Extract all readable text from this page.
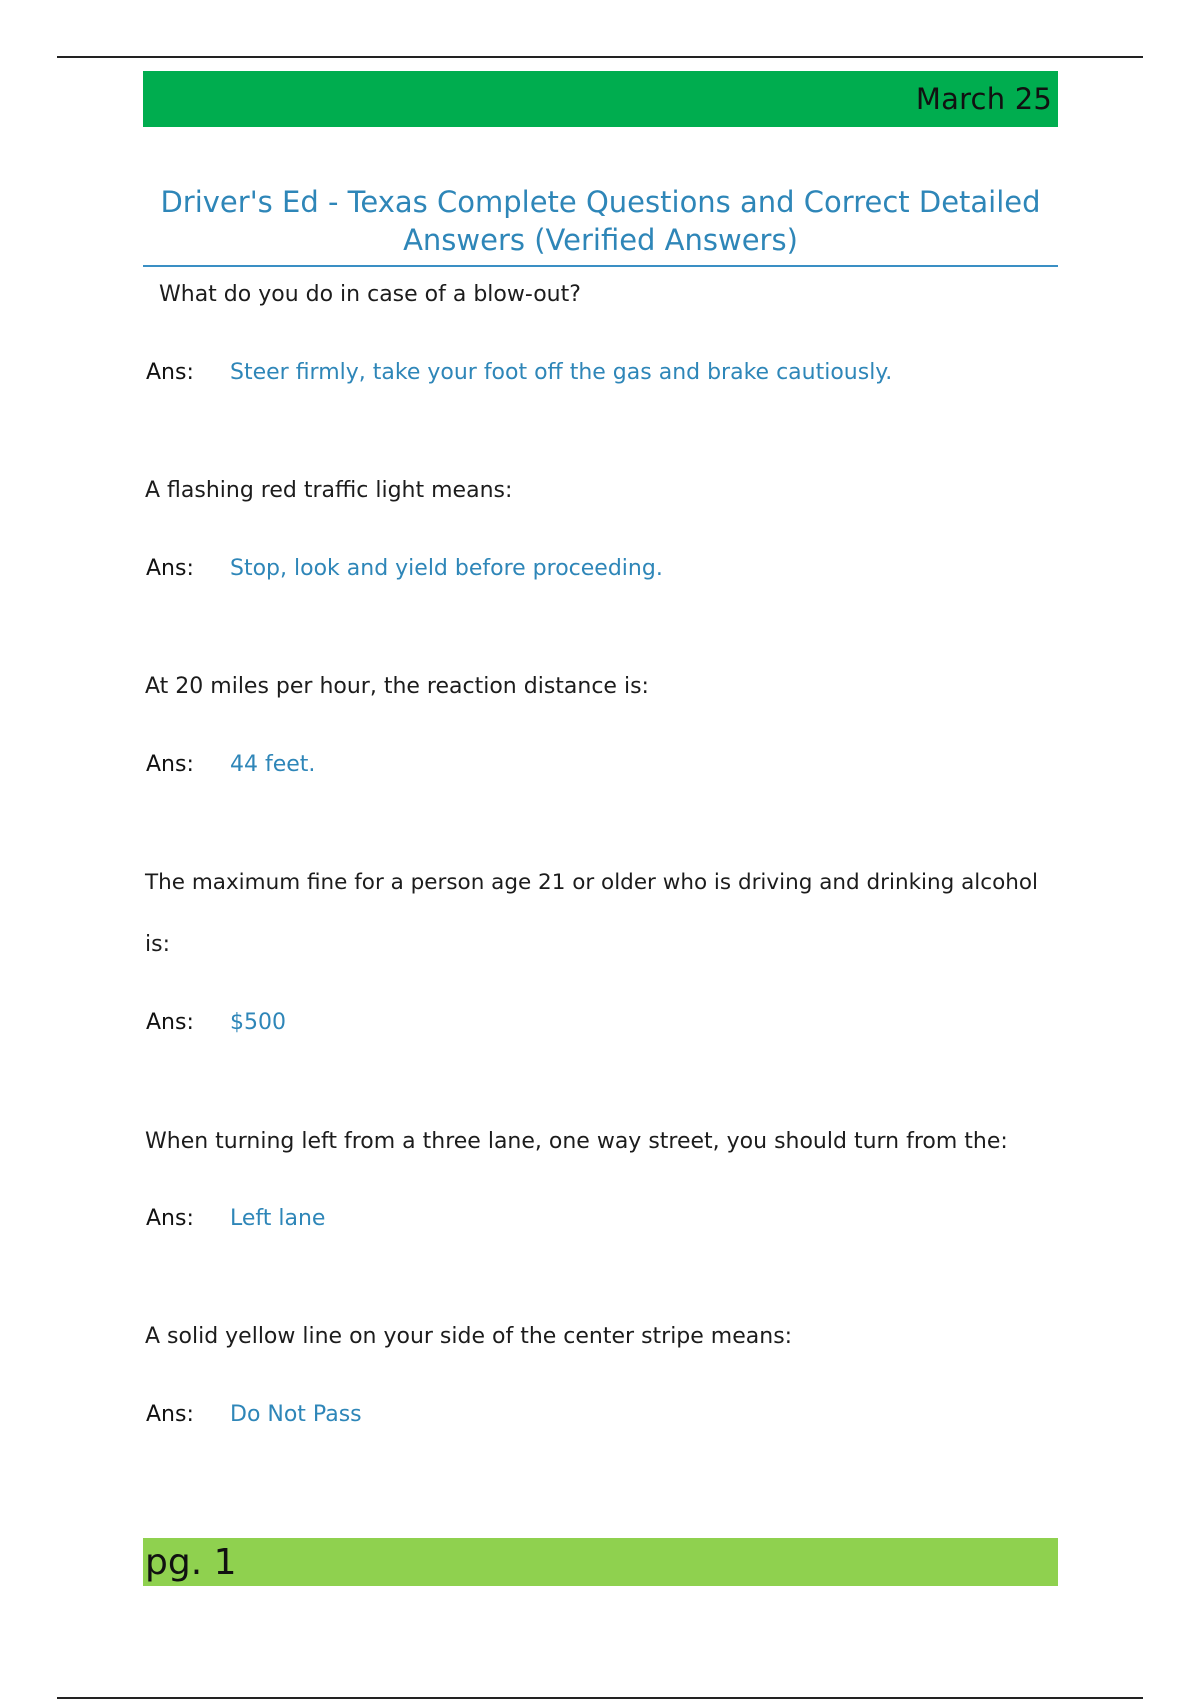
March 25
Driver's Ed - Texas Complete Questions and Correct Detailed
Answers (Verified Answers)
What do you do in case of a blow-out?
Ans: Steer firmly, take your foot off the gas and brake cautiously.
A flashing red traffic light means:
Ans: Stop, look and yield before proceeding.
At 20 miles per hour, the reaction distance is:
Ans: 44 feet.
The maximum fine for a person age 21 or older who is driving and drinking alcohol
is:
Ans: $500
When turning left from a three lane, one way street, you should turn from the:
Ans: Left lane
A solid yellow line on your side of the center stripe means:
Ans: Do Not Pass
pg. 1
